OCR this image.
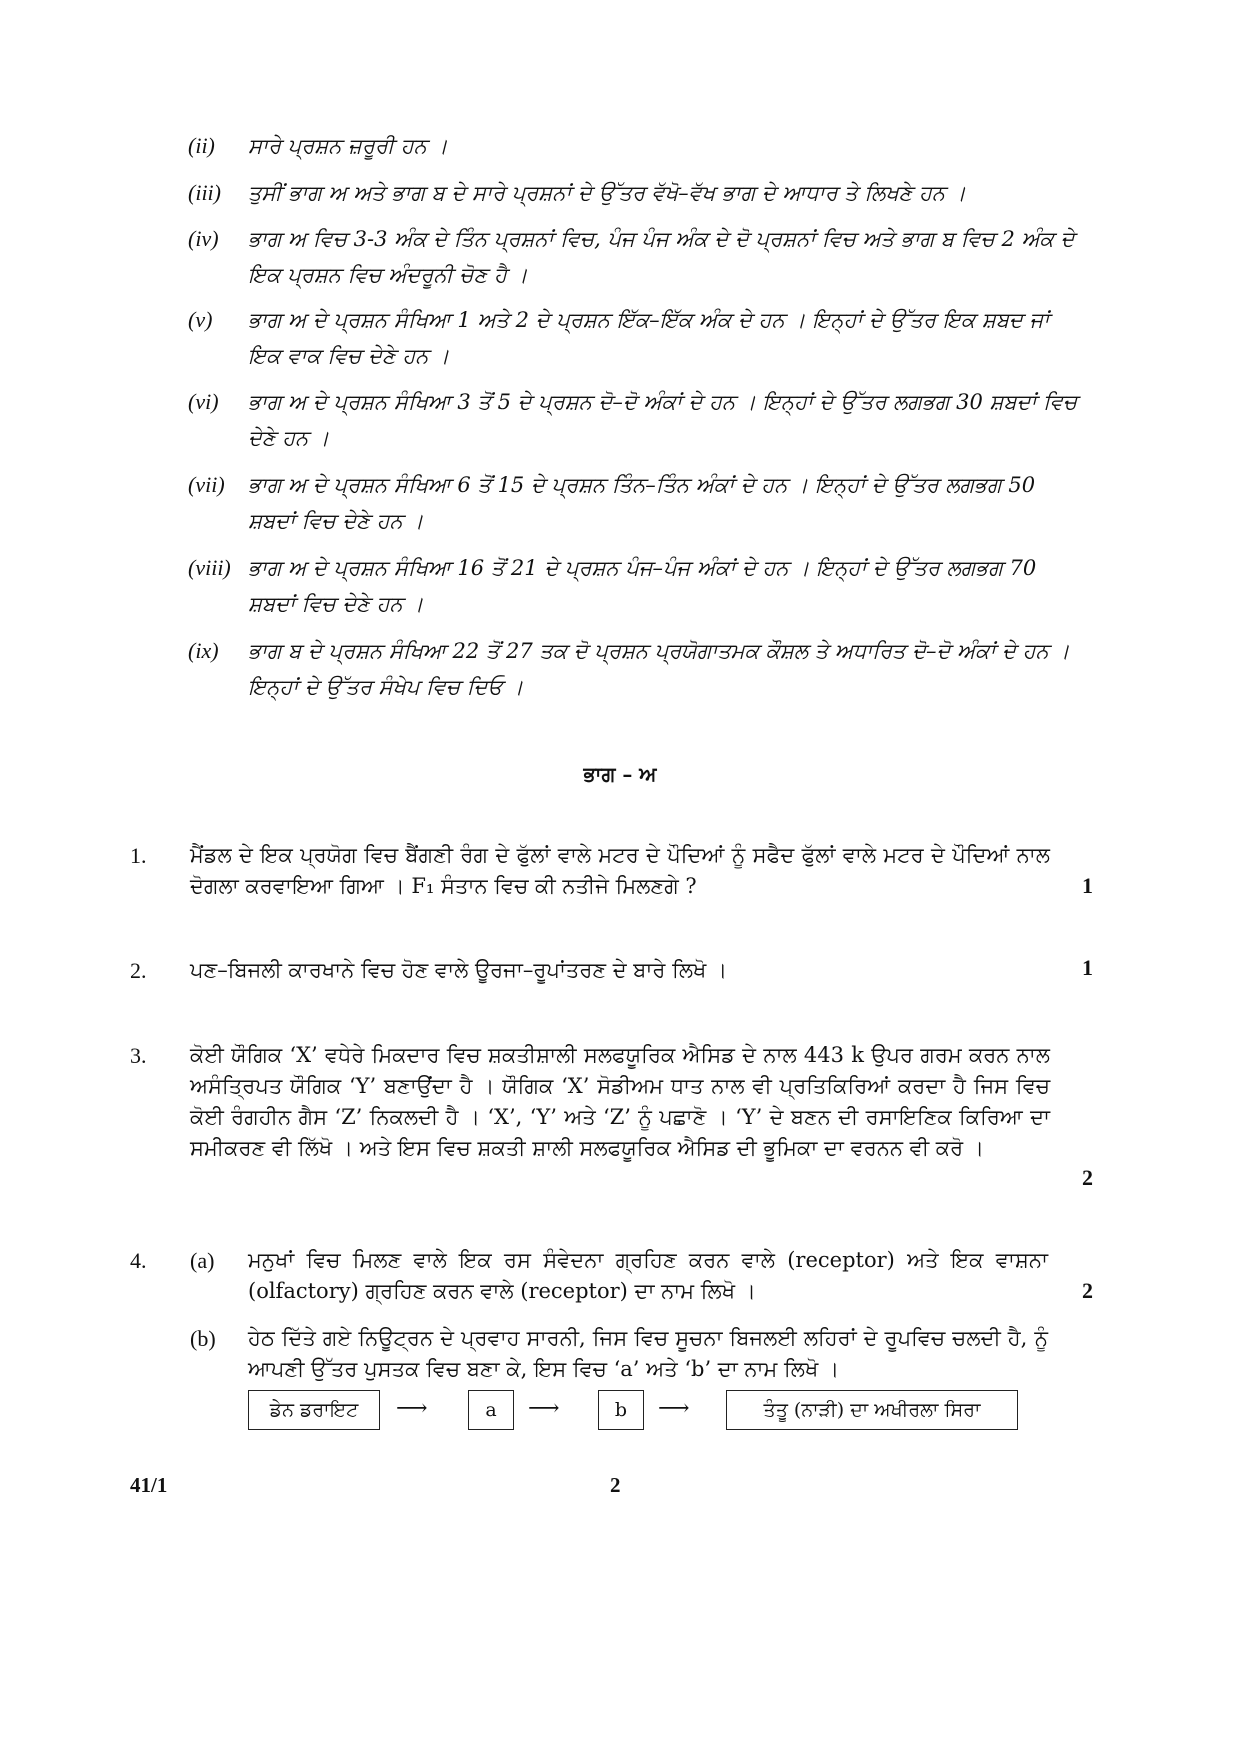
(ii) ਸਾਰੇ ਪ੍ਰਸ਼ਨ ਜ਼ਰੂਰੀ ਹਨ ।
(iii) ਤੁਸੀਂ ਭਾਗ ਅ ਅਤੇ ਭਾਗ ਬ ਦੇ ਸਾਰੇ ਪ੍ਰਸ਼ਨਾਂ ਦੇ ਉੱਤਰ ਵੱਖੋ–ਵੱਖ ਭਾਗ ਦੇ ਆਧਾਰ ਤੇ ਲਿਖਣੇ ਹਨ ।
(iv) ਭਾਗ ਅ ਵਿਚ 3-3 ਅੰਕ ਦੇ ਤਿੰਨ ਪ੍ਰਸ਼ਨਾਂ ਵਿਚ, ਪੰਜ ਪੰਜ ਅੰਕ ਦੇ ਦੋ ਪ੍ਰਸ਼ਨਾਂ ਵਿਚ ਅਤੇ ਭਾਗ ਬ ਵਿਚ 2 ਅੰਕ ਦੇ ਇਕ ਪ੍ਰਸ਼ਨ ਵਿਚ ਅੰਦਰੂਨੀ ਚੋਣ ਹੈ ।
(v) ਭਾਗ ਅ ਦੇ ਪ੍ਰਸ਼ਨ ਸੰਖਿਆ 1 ਅਤੇ 2 ਦੇ ਪ੍ਰਸ਼ਨ ਇੱਕ–ਇੱਕ ਅੰਕ ਦੇ ਹਨ । ਇਨ੍ਹਾਂ ਦੇ ਉੱਤਰ ਇਕ ਸ਼ਬਦ ਜਾਂ ਇਕ ਵਾਕ ਵਿਚ ਦੇਣੇ ਹਨ ।
(vi) ਭਾਗ ਅ ਦੇ ਪ੍ਰਸ਼ਨ ਸੰਖਿਆ 3 ਤੋਂ 5 ਦੇ ਪ੍ਰਸ਼ਨ ਦੋ–ਦੋ ਅੰਕਾਂ ਦੇ ਹਨ । ਇਨ੍ਹਾਂ ਦੇ ਉੱਤਰ ਲਗਭਗ 30 ਸ਼ਬਦਾਂ ਵਿਚ ਦੇਣੇ ਹਨ ।
(vii) ਭਾਗ ਅ ਦੇ ਪ੍ਰਸ਼ਨ ਸੰਖਿਆ 6 ਤੋਂ 15 ਦੇ ਪ੍ਰਸ਼ਨ ਤਿੰਨ–ਤਿੰਨ ਅੰਕਾਂ ਦੇ ਹਨ । ਇਨ੍ਹਾਂ ਦੇ ਉੱਤਰ ਲਗਭਗ 50 ਸ਼ਬਦਾਂ ਵਿਚ ਦੇਣੇ ਹਨ ।
(viii) ਭਾਗ ਅ ਦੇ ਪ੍ਰਸ਼ਨ ਸੰਖਿਆ 16 ਤੋਂ 21 ਦੇ ਪ੍ਰਸ਼ਨ ਪੰਜ–ਪੰਜ ਅੰਕਾਂ ਦੇ ਹਨ । ਇਨ੍ਹਾਂ ਦੇ ਉੱਤਰ ਲਗਭਗ 70 ਸ਼ਬਦਾਂ ਵਿਚ ਦੇਣੇ ਹਨ ।
(ix) ਭਾਗ ਬ ਦੇ ਪ੍ਰਸ਼ਨ ਸੰਖਿਆ 22 ਤੋਂ 27 ਤਕ ਦੋ ਪ੍ਰਸ਼ਨ ਪ੍ਰਯੋਗਾਤਮਕ ਕੌਸ਼ਲ ਤੇ ਅਧਾਰਿਤ ਦੋ–ਦੋ ਅੰਕਾਂ ਦੇ ਹਨ । ਇਨ੍ਹਾਂ ਦੇ ਉੱਤਰ ਸੰਖੇਪ ਵਿਚ ਦਿਓ ।
ਭਾਗ – ਅ
1. ਮੈਂਡਲ ਦੇ ਇਕ ਪ੍ਰਯੋਗ ਵਿਚ ਬੈਂਗਣੀ ਰੰਗ ਦੇ ਫੁੱਲਾਂ ਵਾਲੇ ਮਟਰ ਦੇ ਪੌਦਿਆਂ ਨੂੰ ਸਫੈਦ ਫੁੱਲਾਂ ਵਾਲੇ ਮਟਰ ਦੇ ਪੌਦਿਆਂ ਨਾਲ ਦੋਗਲਾ ਕਰਵਾਇਆ ਗਿਆ । F₁ ਸੰਤਾਨ ਵਿਚ ਕੀ ਨਤੀਜੇ ਮਿਲਣਗੇ ?	1
2. ਪਣ–ਬਿਜਲੀ ਕਾਰਖਾਨੇ ਵਿਚ ਹੋਣ ਵਾਲੇ ਊਰਜਾ–ਰੂਪਾਂਤਰਣ ਦੇ ਬਾਰੇ ਲਿਖੋ ।	1
3. ਕੋਈ ਯੌਗਿਕ ‘X’ ਵਧੇਰੇ ਮਿਕਦਾਰ ਵਿਚ ਸ਼ਕਤੀਸ਼ਾਲੀ ਸਲਫਯੂਰਿਕ ਐਸਿਡ ਦੇ ਨਾਲ 443 k ਉਪਰ ਗਰਮ ਕਰਨ ਨਾਲ ਅਸੰਤ੍ਰਿਪਤ ਯੌਗਿਕ ‘Y’ ਬਣਾਉਂਦਾ ਹੈ । ਯੌਗਿਕ ‘X’ ਸੋਡੀਅਮ ਧਾਤ ਨਾਲ ਵੀ ਪ੍ਰਤਿਕਿਰਿਆਂ ਕਰਦਾ ਹੈ ਜਿਸ ਵਿਚ ਕੋਈ ਰੰਗਹੀਨ ਗੈਸ ‘Z’ ਨਿਕਲਦੀ ਹੈ । ‘X’, ‘Y’ ਅਤੇ ‘Z’ ਨੂੰ ਪਛਾਣੋ । ‘Y’ ਦੇ ਬਣਨ ਦੀ ਰਸਾਇਣਿਕ ਕਿਰਿਆ ਦਾ ਸਮੀਕਰਣ ਵੀ ਲਿੱਖੋ । ਅਤੇ ਇਸ ਵਿਚ ਸ਼ਕਤੀ ਸ਼ਾਲੀ ਸਲਫਯੂਰਿਕ ਐਸਿਡ ਦੀ ਭੂਮਿਕਾ ਦਾ ਵਰਨਨ ਵੀ ਕਰੋ ।
2
4. (a) ਮਨੁਖਾਂ ਵਿਚ ਮਿਲਣ ਵਾਲੇ ਇਕ ਰਸ ਸੰਵੇਦਨਾ ਗ੍ਰਹਿਣ ਕਰਨ ਵਾਲੇ (receptor) ਅਤੇ ਇਕ ਵਾਸ਼ਨਾ (olfactory) ਗ੍ਰਹਿਣ ਕਰਨ ਵਾਲੇ (receptor) ਦਾ ਨਾਮ ਲਿਖੋ ।	2
(b) ਹੇਠ ਦਿੱਤੇ ਗਏ ਨਿਊਟ੍ਰਨ ਦੇ ਪ੍ਰਵਾਹ ਸਾਰਨੀ, ਜਿਸ ਵਿਚ ਸੂਚਨਾ ਬਿਜਲਈ ਲਹਿਰਾਂ ਦੇ ਰੂਪਵਿਚ ਚਲਦੀ ਹੈ, ਨੂੰ ਆਪਣੀ ਉੱਤਰ ਪੁਸਤਕ ਵਿਚ ਬਣਾ ਕੇ, ਇਸ ਵਿਚ ‘a’ ਅਤੇ ‘b’ ਦਾ ਨਾਮ ਲਿਖੋ ।
ਡੇਨ ਡਰਾਇਟ	⟶	a	⟶	b	⟶	ਤੰਤੂ (ਨਾੜੀ) ਦਾ ਅਖੀਰਲਾ ਸਿਰਾ
41/1	2
